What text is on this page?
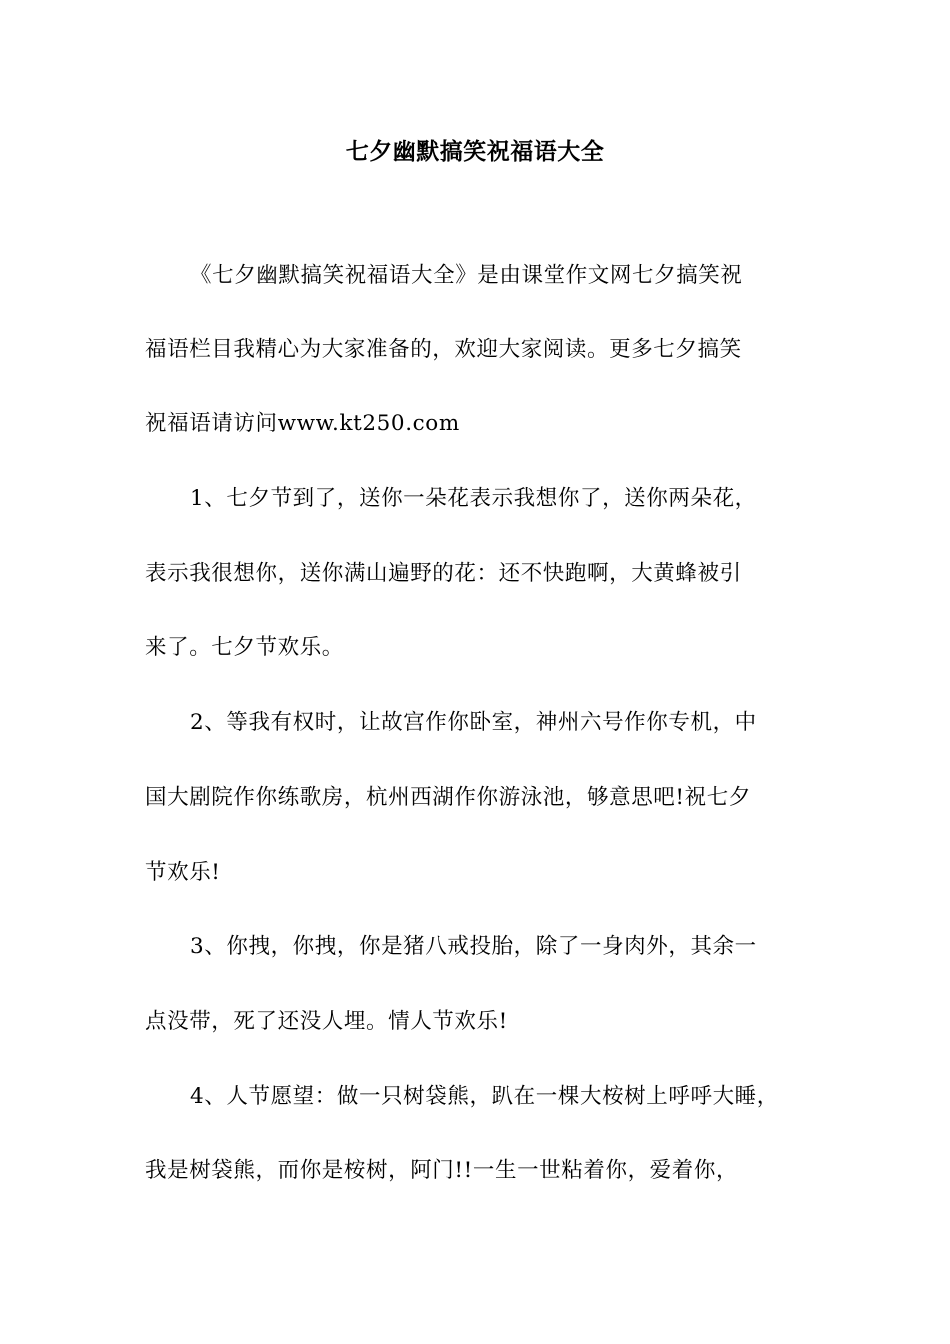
七夕幽默搞笑祝福语大全
《七夕幽默搞笑祝福语大全》是由课堂作文网七夕搞笑祝
福语栏目我精心为大家准备的，欢迎大家阅读。更多七夕搞笑
祝福语请访问www.kt250.com
1、七夕节到了，送你一朵花表示我想你了，送你两朵花，
表示我很想你，送你满山遍野的花：还不快跑啊，大黄蜂被引
来了。七夕节欢乐。
2、等我有权时，让故宫作你卧室，神州六号作你专机，中
国大剧院作你练歌房，杭州西湖作你游泳池，够意思吧!祝七夕
节欢乐!
3、你拽，你拽，你是猪八戒投胎，除了一身肉外，其余一
点没带，死了还没人埋。情人节欢乐!
4、人节愿望：做一只树袋熊，趴在一棵大桉树上呼呼大睡，
我是树袋熊，而你是桉树，阿门!!一生一世粘着你，爱着你，
